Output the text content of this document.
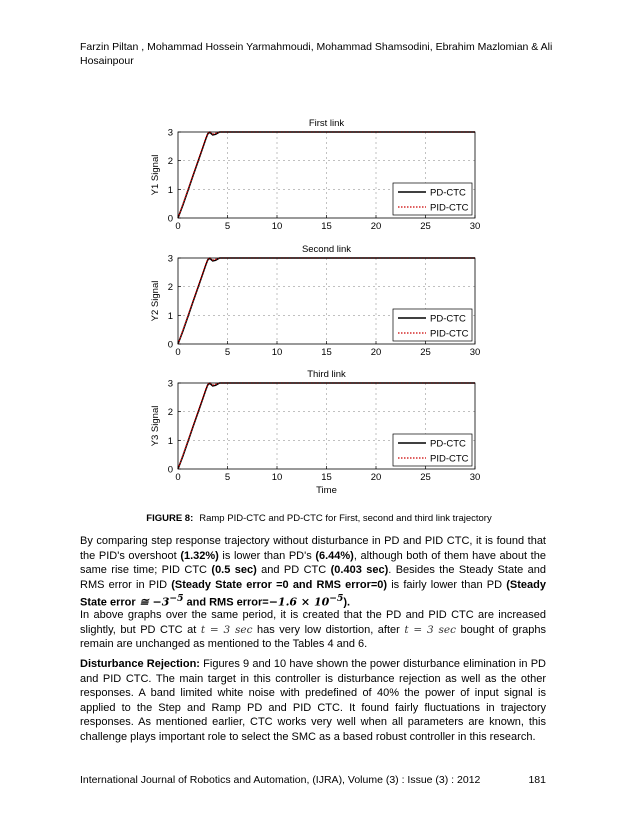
Farzin Piltan , Mohammad Hossein Yarmahmoudi, Mohammad Shamsodini, Ebrahim Mazlomian & Ali Hosainpour
0	5	10	15	20	25	30
0
1
2
3
First link
Y1 Signal	PD-CTC
PID-CTC
0	5	10	15	20	25	30
0
1
2
3
Second link
Y2 Signal	PD-CTC
PID-CTC
0	5	10	15	20	25	30
0
1
2
3
Third link
Y3 Signal
Time
PD-CTC
PID-CTC
FIGURE 8: Ramp PID-CTC and PD-CTC for First, second and third link trajectory
By comparing step response trajectory without disturbance in PD and PID CTC, it is found that the PID's overshoot (1.32%) is lower than PD's (6.44%), although both of them have about the same rise time; PID CTC (0.5 sec) and PD CTC (0.403 sec). Besides the Steady State and RMS error in PID (Steady State error =0 and RMS error=0) is fairly lower than PD (Steady State error ≅ $-3^{-5}$ and RMS error=−1.6 × $10^{-5}$).
In above graphs over the same period, it is created that the PD and PID CTC are increased slightly, but PD CTC at t = 3 sec has very low distortion, after t = 3 sec bought of graphs remain are unchanged as mentioned to the Tables 4 and 6.
Disturbance Rejection: Figures 9 and 10 have shown the power disturbance elimination in PD and PID CTC. The main target in this controller is disturbance rejection as well as the other responses. A band limited white noise with predefined of 40% the power of input signal is applied to the Step and Ramp PD and PID CTC. It found fairly fluctuations in trajectory responses. As mentioned earlier, CTC works very well when all parameters are known, this challenge plays important role to select the SMC as a based robust controller in this research.
International Journal of Robotics and Automation, (IJRA), Volume (3) : Issue (3) : 2012	181
